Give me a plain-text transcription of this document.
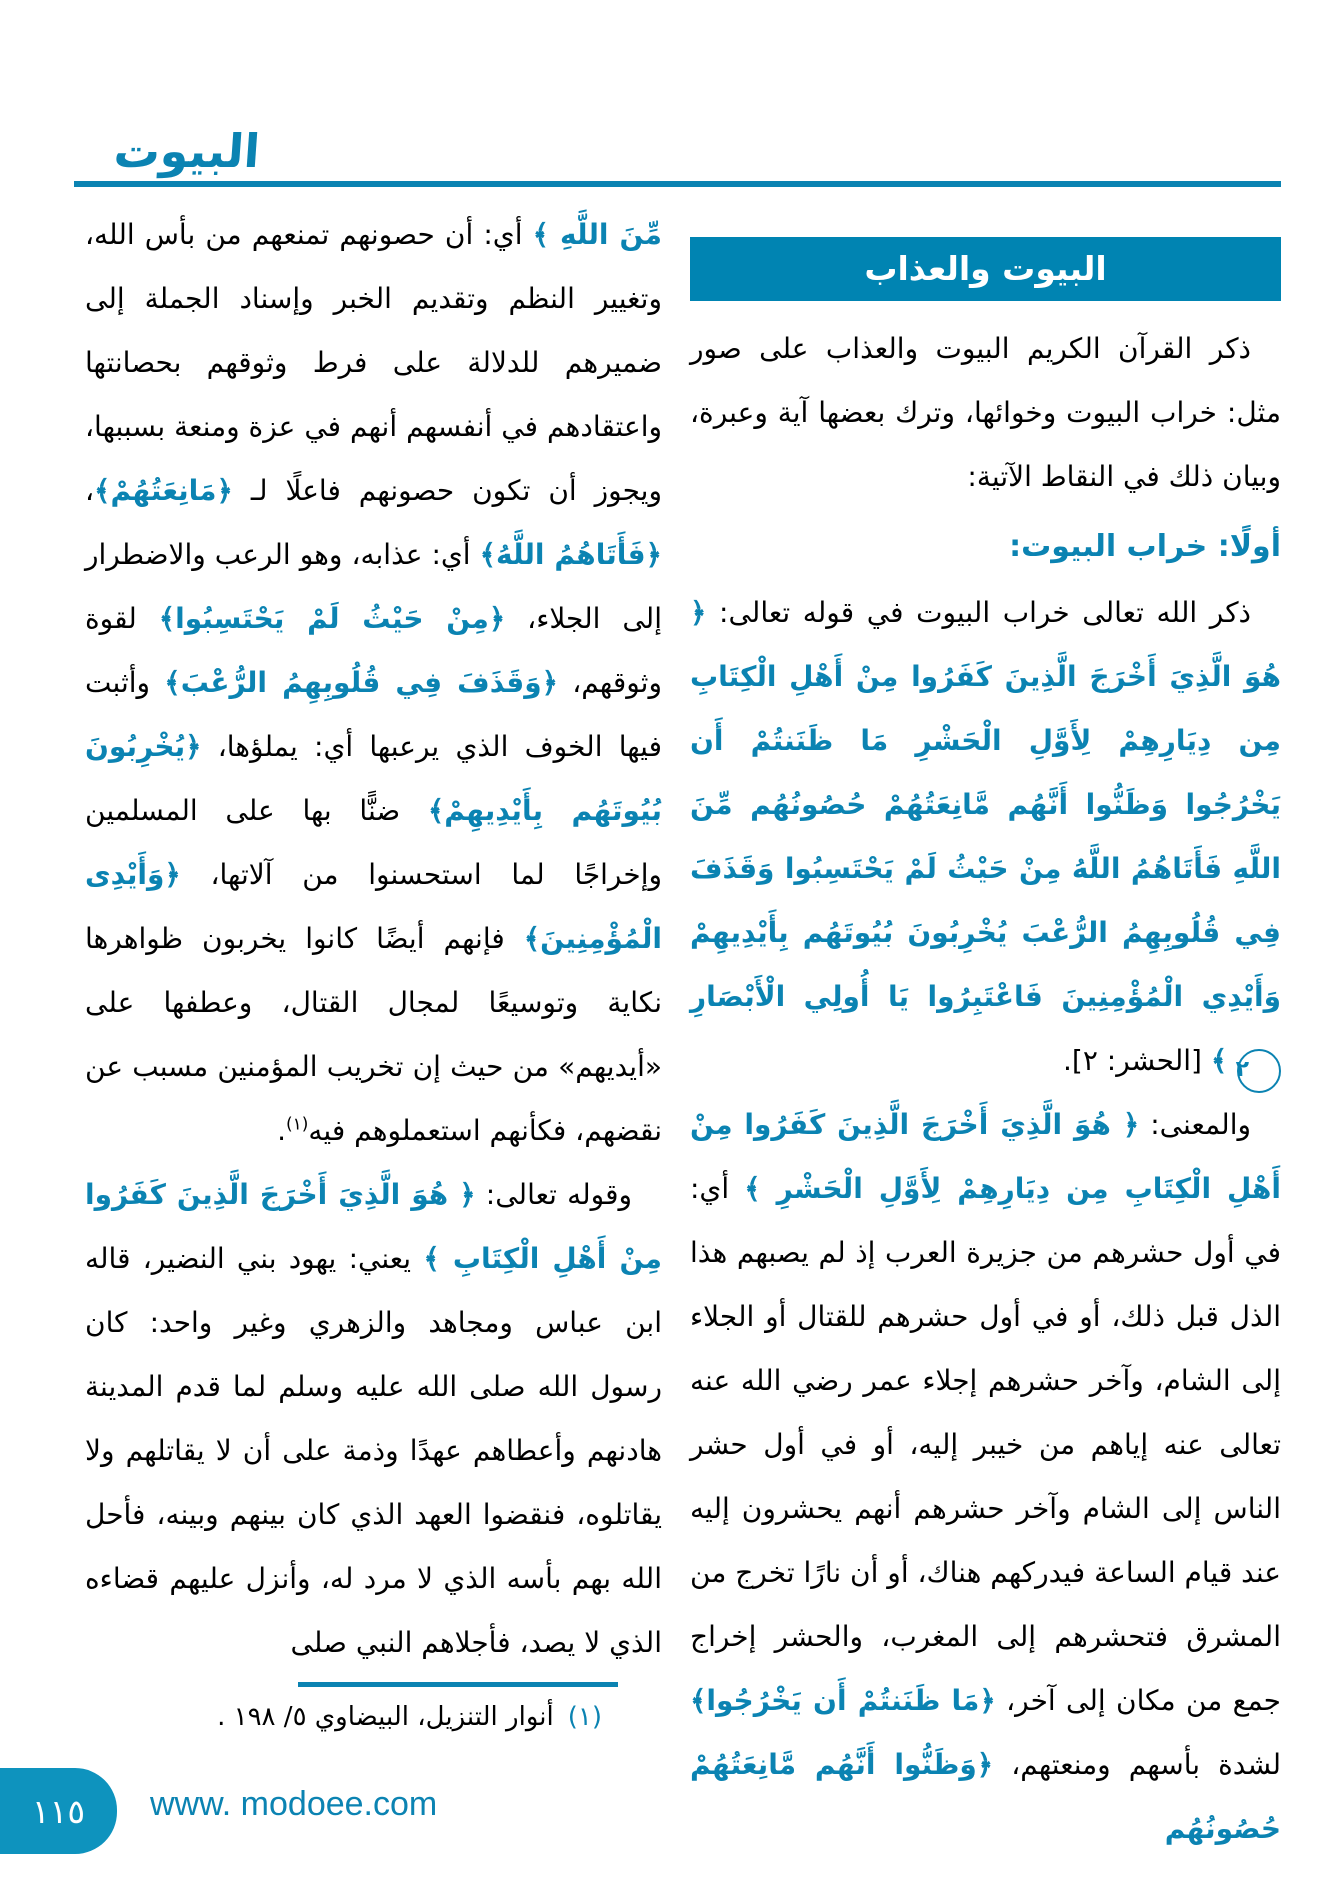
البيوت
البيوت والعذاب

ذكر القرآن الكريم البيوت والعذاب على صور مثل: خراب البيوت وخوائها، وترك بعضها آية وعبرة، وبيان ذلك في النقاط الآتية:

أولًا: خراب البيوت:

ذكر الله تعالى خراب البيوت في قوله تعالى: ﴿ هُوَ الَّذِيَ أَخْرَجَ الَّذِينَ كَفَرُوا مِنْ أَهْلِ الْكِتَابِ مِن دِيَارِهِمْ لِأَوَّلِ الْحَشْرِ مَا ظَنَنتُمْ أَن يَخْرُجُوا وَظَنُّوا أَنَّهُم مَّانِعَتُهُمْ حُصُونُهُم مِّنَ اللَّهِ فَأَتَاهُمُ اللَّهُ مِنْ حَيْثُ لَمْ يَحْتَسِبُوا وَقَذَفَ فِي قُلُوبِهِمُ الرُّعْبَ يُخْرِبُونَ بُيُوتَهُم بِأَيْدِيهِمْ وَأَيْدِي الْمُؤْمِنِينَ فَاعْتَبِرُوا يَا أُولِي الْأَبْصَارِ ٢ ﴾ [الحشر: ٢].

والمعنى: ﴿ هُوَ الَّذِيَ أَخْرَجَ الَّذِينَ كَفَرُوا مِنْ أَهْلِ الْكِتَابِ مِن دِيَارِهِمْ لِأَوَّلِ الْحَشْرِ ﴾ أي: في أول حشرهم من جزيرة العرب إذ لم يصبهم هذا الذل قبل ذلك، أو في أول حشرهم للقتال أو الجلاء إلى الشام، وآخر حشرهم إجلاء عمر رضي الله عنه تعالى عنه إياهم من خيبر إليه، أو في أول حشر الناس إلى الشام وآخر حشرهم أنهم يحشرون إليه عند قيام الساعة فيدركهم هناك، أو أن نارًا تخرج من المشرق فتحشرهم إلى المغرب، والحشر إخراج جمع من مكان إلى آخر، ﴿مَا ظَنَنتُمْ أَن يَخْرُجُوا﴾ لشدة بأسهم ومنعتهم، ﴿وَظَنُّوا أَنَّهُم مَّانِعَتُهُمْ حُصُونُهُم

مِّنَ اللَّهِ ﴾ أي: أن حصونهم تمنعهم من بأس الله، وتغيير النظم وتقديم الخبر وإسناد الجملة إلى ضميرهم للدلالة على فرط وثوقهم بحصانتها واعتقادهم في أنفسهم أنهم في عزة ومنعة بسببها، ويجوز أن تكون حصونهم فاعلًا لـ ﴿مَانِعَتُهُمْ﴾، ﴿فَأَتَاهُمُ اللَّهُ﴾ أي: عذابه، وهو الرعب والاضطرار إلى الجلاء، ﴿مِنْ حَيْثُ لَمْ يَحْتَسِبُوا﴾ لقوة وثوقهم، ﴿وَقَذَفَ فِي قُلُوبِهِمُ الرُّعْبَ﴾ وأثبت فيها الخوف الذي يرعبها أي: يملؤها، ﴿يُخْرِبُونَ بُيُوتَهُم بِأَيْدِيهِمْ﴾ ضنًّا بها على المسلمين وإخراجًا لما استحسنوا من آلاتها، ﴿وَأَيْدِى الْمُؤْمِنِينَ﴾ فإنهم أيضًا كانوا يخربون ظواهرها نكاية وتوسيعًا لمجال القتال، وعطفها على «أيديهم» من حيث إن تخريب المؤمنين مسبب عن نقضهم، فكأنهم استعملوهم فيه$^{(١)}$.

وقوله تعالى: ﴿ هُوَ الَّذِيَ أَخْرَجَ الَّذِينَ كَفَرُوا مِنْ أَهْلِ الْكِتَابِ ﴾ يعني: يهود بني النضير، قاله ابن عباس ومجاهد والزهري وغير واحد: كان رسول الله صلى الله عليه وسلم لما قدم المدينة هادنهم وأعطاهم عهدًا وذمة على أن لا يقاتلهم ولا يقاتلوه، فنقضوا العهد الذي كان بينهم وبينه، فأحل الله بهم بأسه الذي لا مرد له، وأنزل عليهم قضاءه الذي لا يصد، فأجلاهم النبي صلى

(١)أنوار التنزيل، البيضاوي ٥/ ١٩٨ .
١١٥	www. modoee.com
